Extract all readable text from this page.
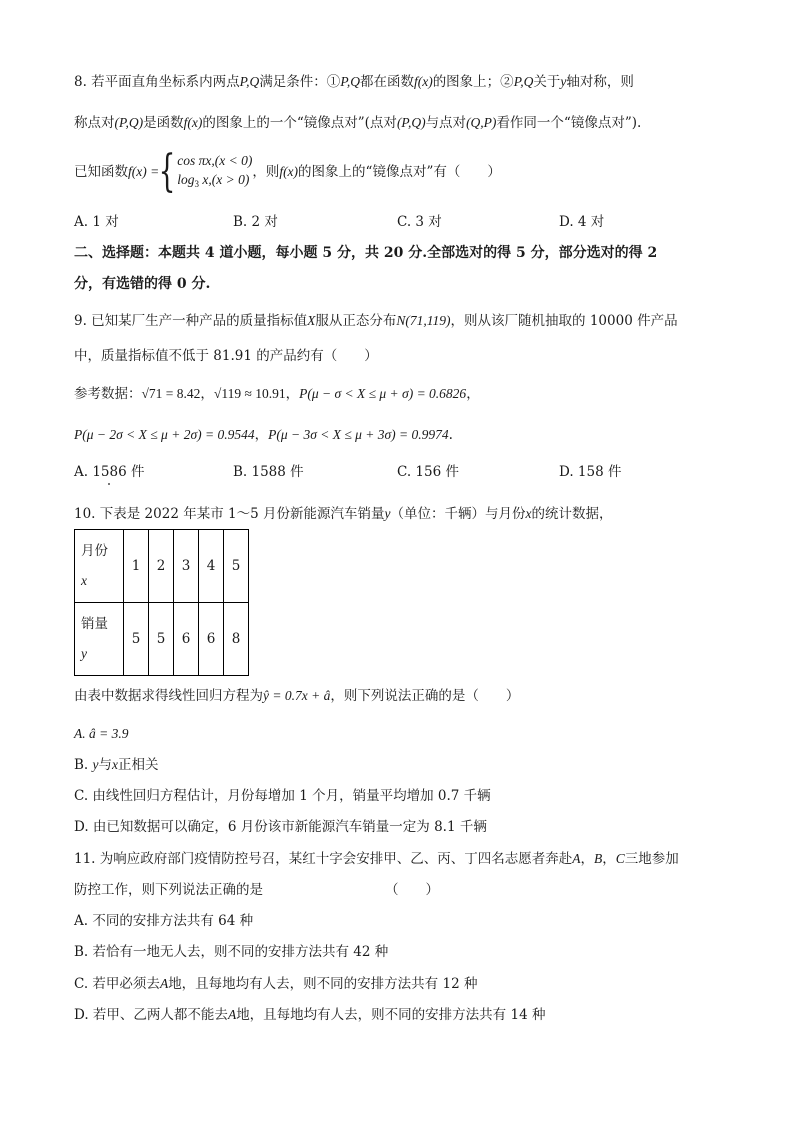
8. 若平面直角坐标系内两点P,Q满足条件：①P,Q都在函数f(x)的图象上；②P,Q关于y轴对称，则
称点对(P,Q)是函数f(x)的图象上的一个“镜像点对”(点对(P,Q)与点对(Q,P)看作同一个“镜像点对”).
已知函数 f(x) = { cos πx,(x < 0)
$\log_3 x,(x > 0)$ ，则 f(x) 的图象上的“镜像点对”有（　　）
A. 1 对	B. 2 对	C. 3 对	D. 4 对
二、选择题：本题共 4 道小题，每小题 5 分，共 20 分.全部选对的得 5 分，部分选对的得 2
分，有选错的得 0 分.
9. 已知某厂生产一种产品的质量指标值X服从正态分布N(71,119)，则从该厂随机抽取的 10000 件产品
中，质量指标值不低于 81.91 的产品约有（　　）
参考数据：√71 = 8.42，√119 ≈ 10.91，P(μ − σ < X ≤ μ + σ) = 0.6826，
P(μ − 2σ < X ≤ μ + 2σ) = 0.9544，P(μ − 3σ < X ≤ μ + 3σ) = 0.9974.
A. 1586 件	B. 1588 件	C. 156 件	D. 158 件
10. 下表是 2022 年某市 1～5 月份新能源汽车销量y（单位：千辆）与月份x的统计数据，
月份
x	1	2	3	4	5
销量
y	5	5	6	6	8
由表中数据求得线性回归方程为ŷ = 0.7x + â，则下列说法正确的是（　　）
A. â = 3.9
B. y与x正相关
C. 由线性回归方程估计，月份每增加 1 个月，销量平均增加 0.7 千辆
D. 由已知数据可以确定，6 月份该市新能源汽车销量一定为 8.1 千辆
11. 为响应政府部门疫情防控号召，某红十字会安排甲、乙、丙、丁四名志愿者奔赴A，B，C三地参加
防控工作，则下列说法正确的是	（　　）
A. 不同的安排方法共有 64 种
B. 若恰有一地无人去，则不同的安排方法共有 42 种
C. 若甲必须去A地，且每地均有人去，则不同的安排方法共有 12 种
D. 若甲、乙两人都不能去A地，且每地均有人去，则不同的安排方法共有 14 种
